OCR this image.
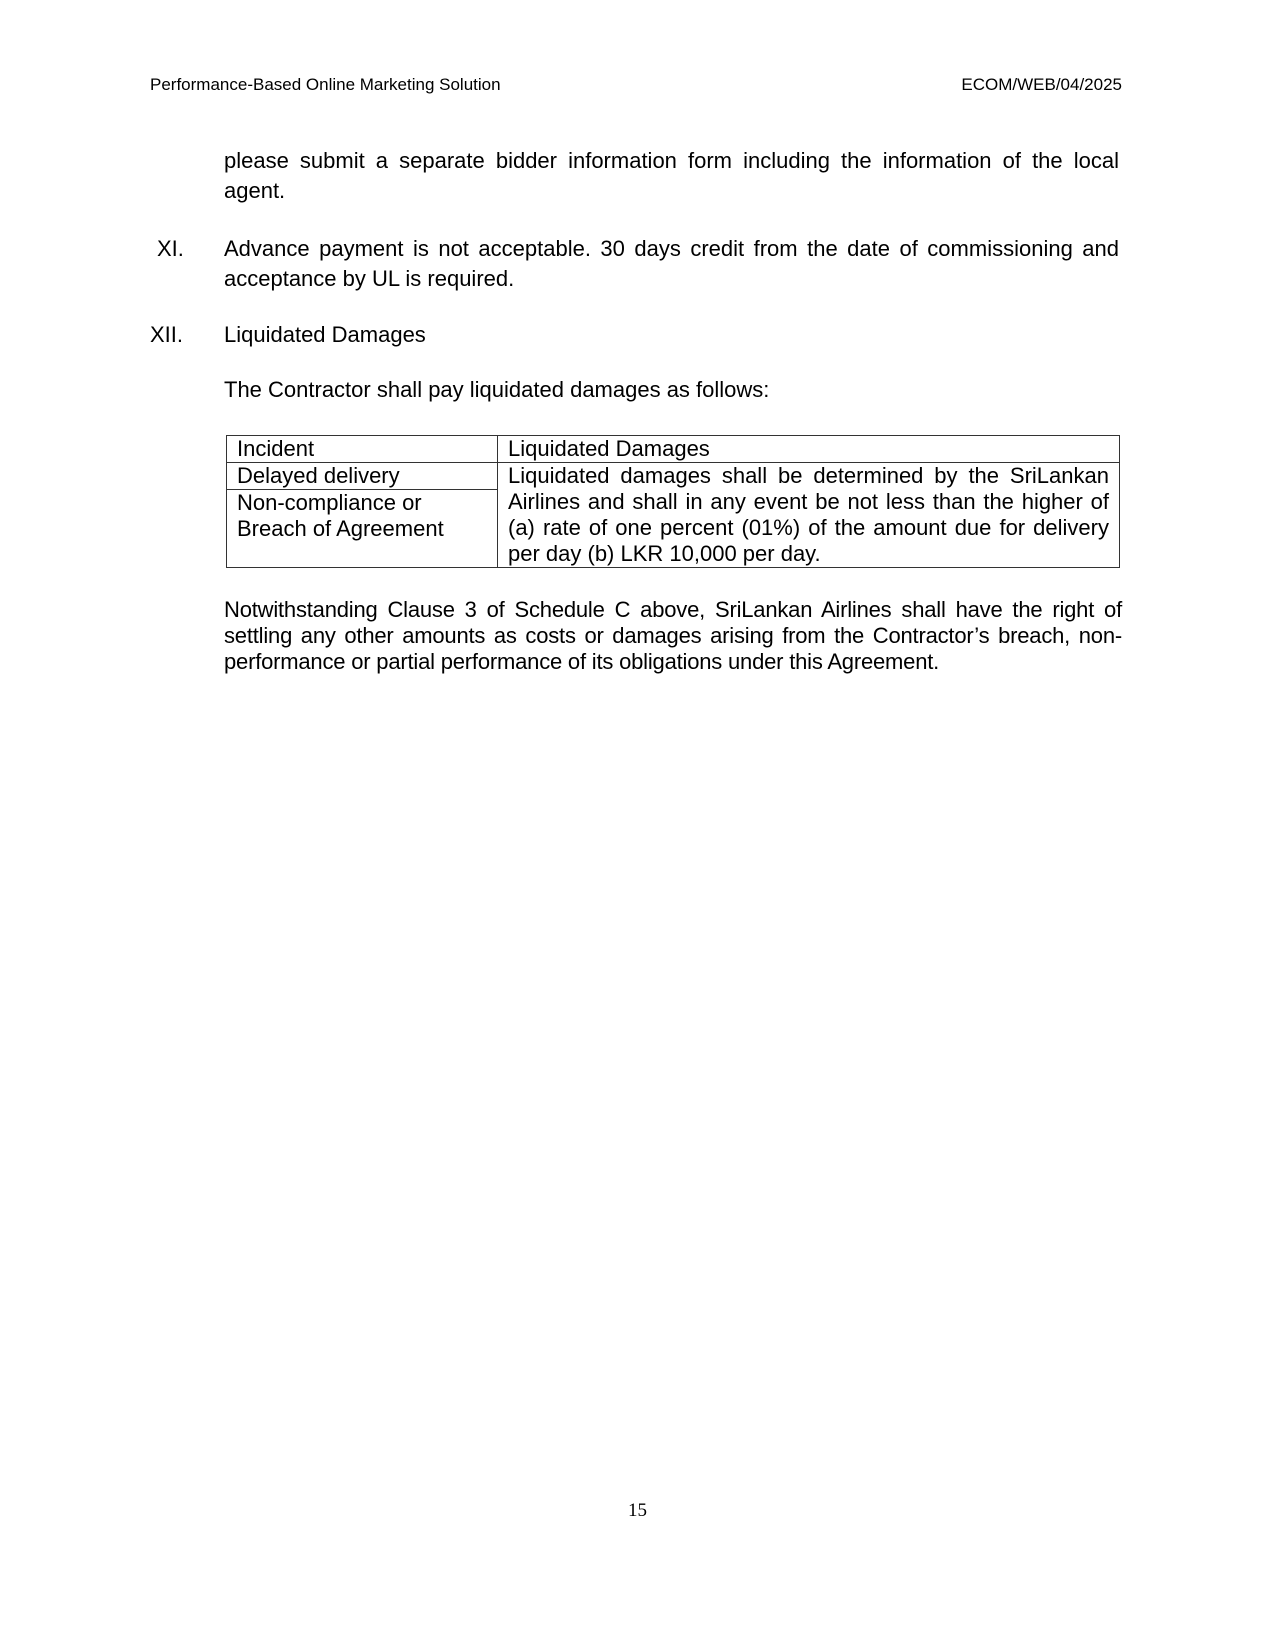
Performance-Based Online Marketing Solution	ECOM/WEB/04/2025
please submit a separate bidder information form including the information of the local agent.
XI. Advance payment is not acceptable. 30 days credit from the date of commissioning and acceptance by UL is required.
XII. Liquidated Damages
The Contractor shall pay liquidated damages as follows:
Incident	Liquidated Damages
Delayed delivery	Liquidated damages shall be determined by the SriLankan Airlines and shall in any event be not less than the higher of (a) rate of one percent (01%) of the amount due for delivery per day (b) LKR 10,000 per day.
Non-compliance or Breach of Agreement	
Notwithstanding Clause 3 of Schedule C above, SriLankan Airlines shall have the right of settling any other amounts as costs or damages arising from the Contractor’s breach, non-performance or partial performance of its obligations under this Agreement.
15
